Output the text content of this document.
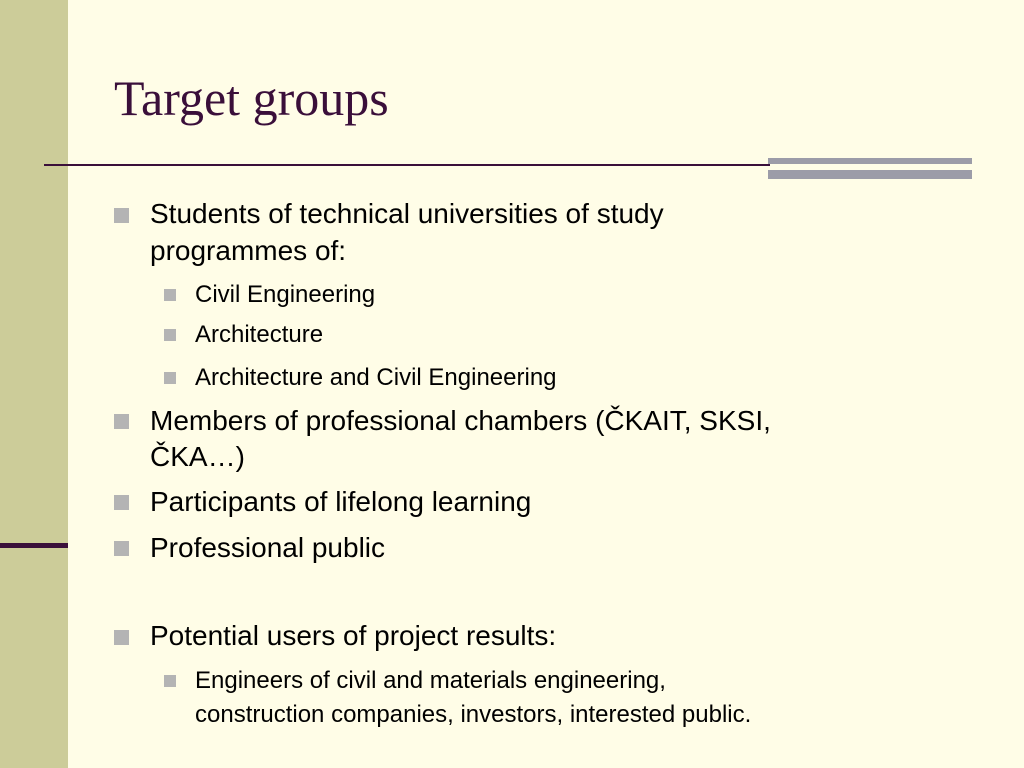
Target groups
Students of technical universities of study
programmes of:
Civil Engineering
Architecture
Architecture and Civil Engineering
Members of professional chambers (ČKAIT, SKSI,
ČKA…)
Participants of lifelong learning
Professional public
Potential users of project results:
Engineers of civil and materials engineering,
construction companies, investors, interested public.
